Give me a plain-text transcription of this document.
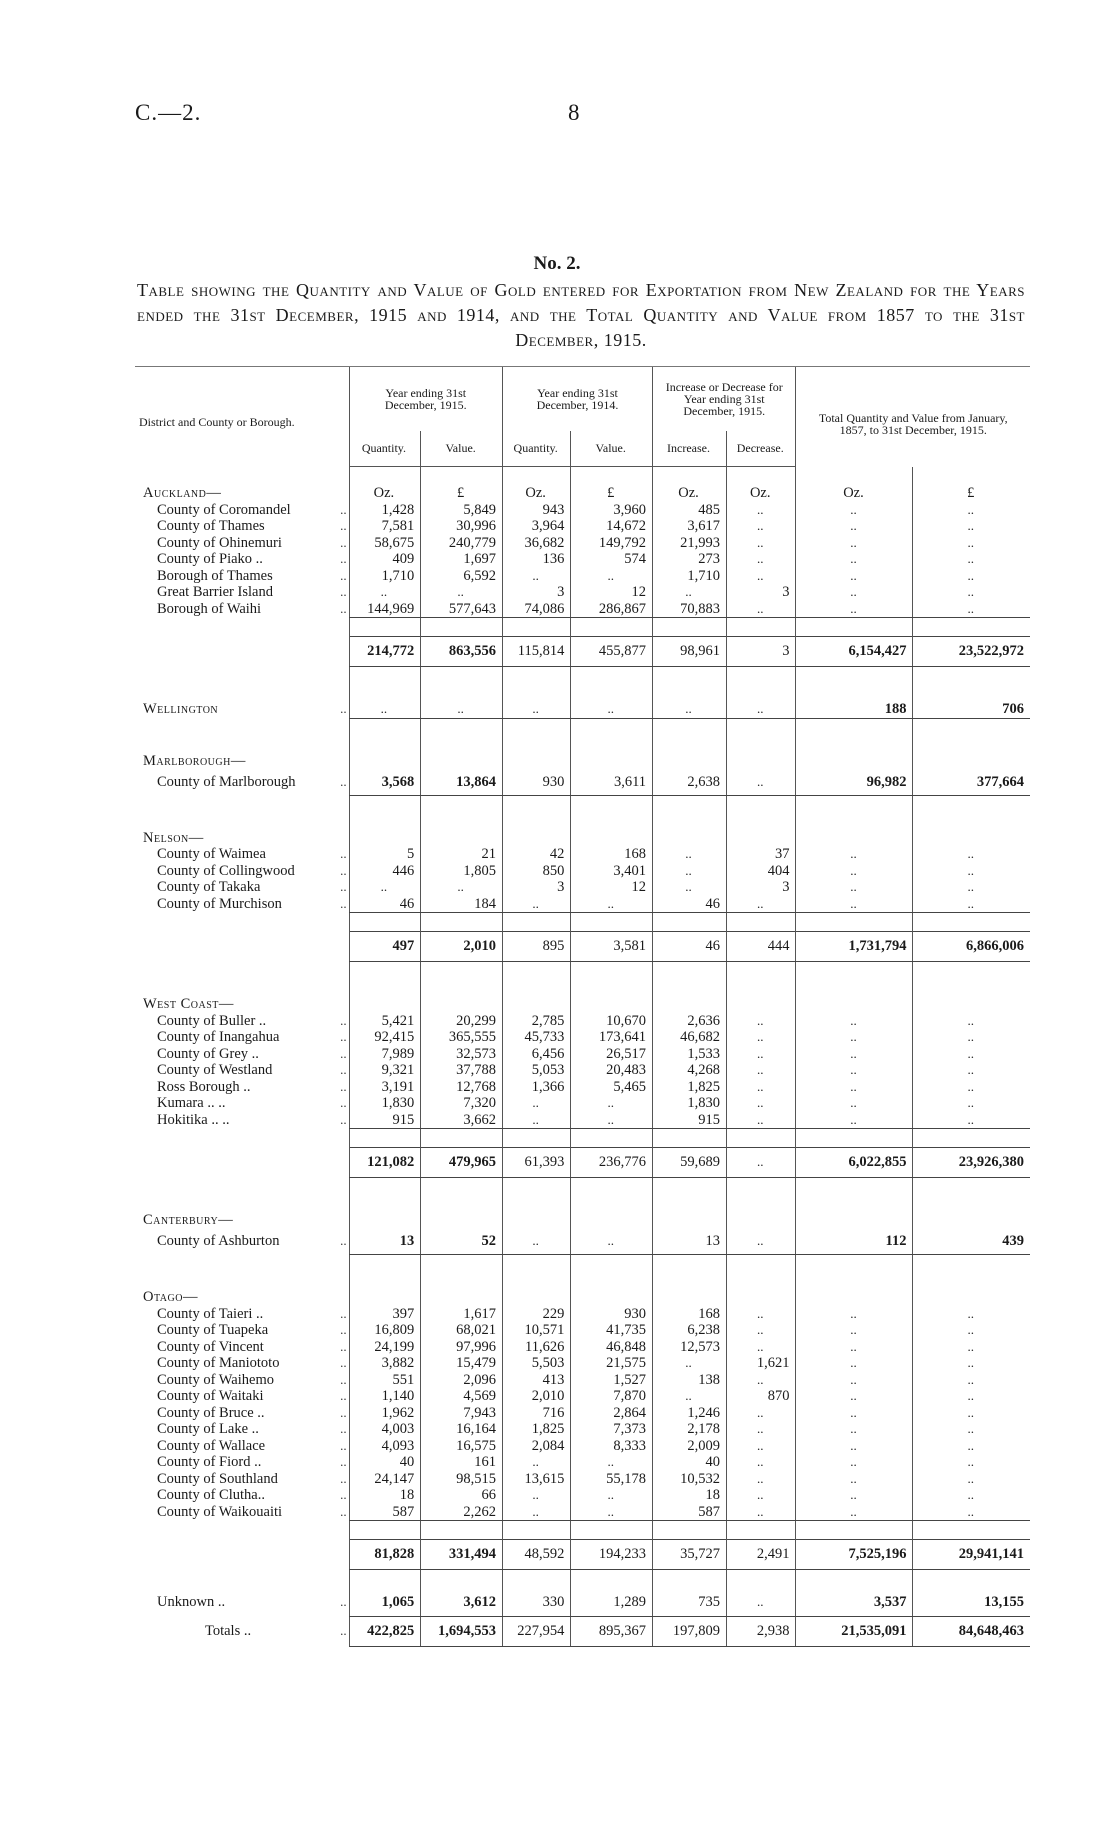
C.—2.	8
No. 2.
Table showing the Quantity and Value of Gold entered for Exportation from New Zealand for the Years ended the 31st December, 1915 and 1914, and the Total Quantity and Value from 1857 to the 31st December, 1915.
District and County or Borough.		Year ending 31st December, 1915.		Year ending 31st December, 1914.		Increase or Decrease for Year ending 31st December, 1915.		Total Quantity and Value from January, 1857, to 31st December, 1915.	
		Quantity.	Value.	Quantity.	Value.	Increase.	Decrease.		

Auckland—		Oz.	£	Oz.	£	Oz.	Oz.	Oz.	£
County of Coromandel	..	1,428	5,849	943	3,960	485	..	..	..
County of Thames	..	7,581	30,996	3,964	14,672	3,617	..	..	..
County of Ohinemuri	..	58,675	240,779	36,682	149,792	21,993	..	..	..
County of Piako ..	..	409	1,697	136	574	273	..	..	..
Borough of Thames	..	1,710	6,592	..	..	1,710	..	..	..
Great Barrier Island	..	..	..	3	12	..	3	..	..
Borough of Waihi	..	144,969	577,643	74,086	286,867	70,883	..	..	..

		214,772	863,556	115,814	455,877	98,961	3	6,154,427	23,522,972

Wellington	..	..	..	..	..	..	..	188	706

Marlborough—									
County of Marlborough	..	3,568	13,864	930	3,611	2,638	..	96,982	377,664

Nelson—									
County of Waimea	..	5	21	42	168	..	37	..	..
County of Collingwood	..	446	1,805	850	3,401	..	404	..	..
County of Takaka	..	..	..	3	12	..	3	..	..
County of Murchison	..	46	184	..	..	46	..	..	..

		497	2,010	895	3,581	46	444	1,731,794	6,866,006

West Coast—									
County of Buller ..	..	5,421	20,299	2,785	10,670	2,636	..	..	..
County of Inangahua	..	92,415	365,555	45,733	173,641	46,682	..	..	..
County of Grey ..	..	7,989	32,573	6,456	26,517	1,533	..	..	..
County of Westland	..	9,321	37,788	5,053	20,483	4,268	..	..	..
Ross Borough ..	..	3,191	12,768	1,366	5,465	1,825	..	..	..
Kumara .. ..	..	1,830	7,320	..	..	1,830	..	..	..
Hokitika .. ..	..	915	3,662	..	..	915	..	..	..

		121,082	479,965	61,393	236,776	59,689	..	6,022,855	23,926,380

Canterbury—									
County of Ashburton	..	13	52	..	..	13	..	112	439

Otago—									
County of Taieri ..	..	397	1,617	229	930	168	..	..	..
County of Tuapeka	..	16,809	68,021	10,571	41,735	6,238	..	..	..
County of Vincent	..	24,199	97,996	11,626	46,848	12,573	..	..	..
County of Maniototo	..	3,882	15,479	5,503	21,575	..	1,621	..	..
County of Waihemo	..	551	2,096	413	1,527	138	..	..	..
County of Waitaki	..	1,140	4,569	2,010	7,870	..	870	..	..
County of Bruce ..	..	1,962	7,943	716	2,864	1,246	..	..	..
County of Lake ..	..	4,003	16,164	1,825	7,373	2,178	..	..	..
County of Wallace	..	4,093	16,575	2,084	8,333	2,009	..	..	..
County of Fiord ..	..	40	161	..	..	40	..	..	..
County of Southland	..	24,147	98,515	13,615	55,178	10,532	..	..	..
County of Clutha..	..	18	66	..	..	18	..	..	..
County of Waikouaiti	..	587	2,262	..	..	587	..	..	..

		81,828	331,494	48,592	194,233	35,727	2,491	7,525,196	29,941,141

Unknown ..	..	1,065	3,612	330	1,289	735	..	3,537	13,155
Totals ..	..	422,825	1,694,553	227,954	895,367	197,809	2,938	21,535,091	84,648,463
